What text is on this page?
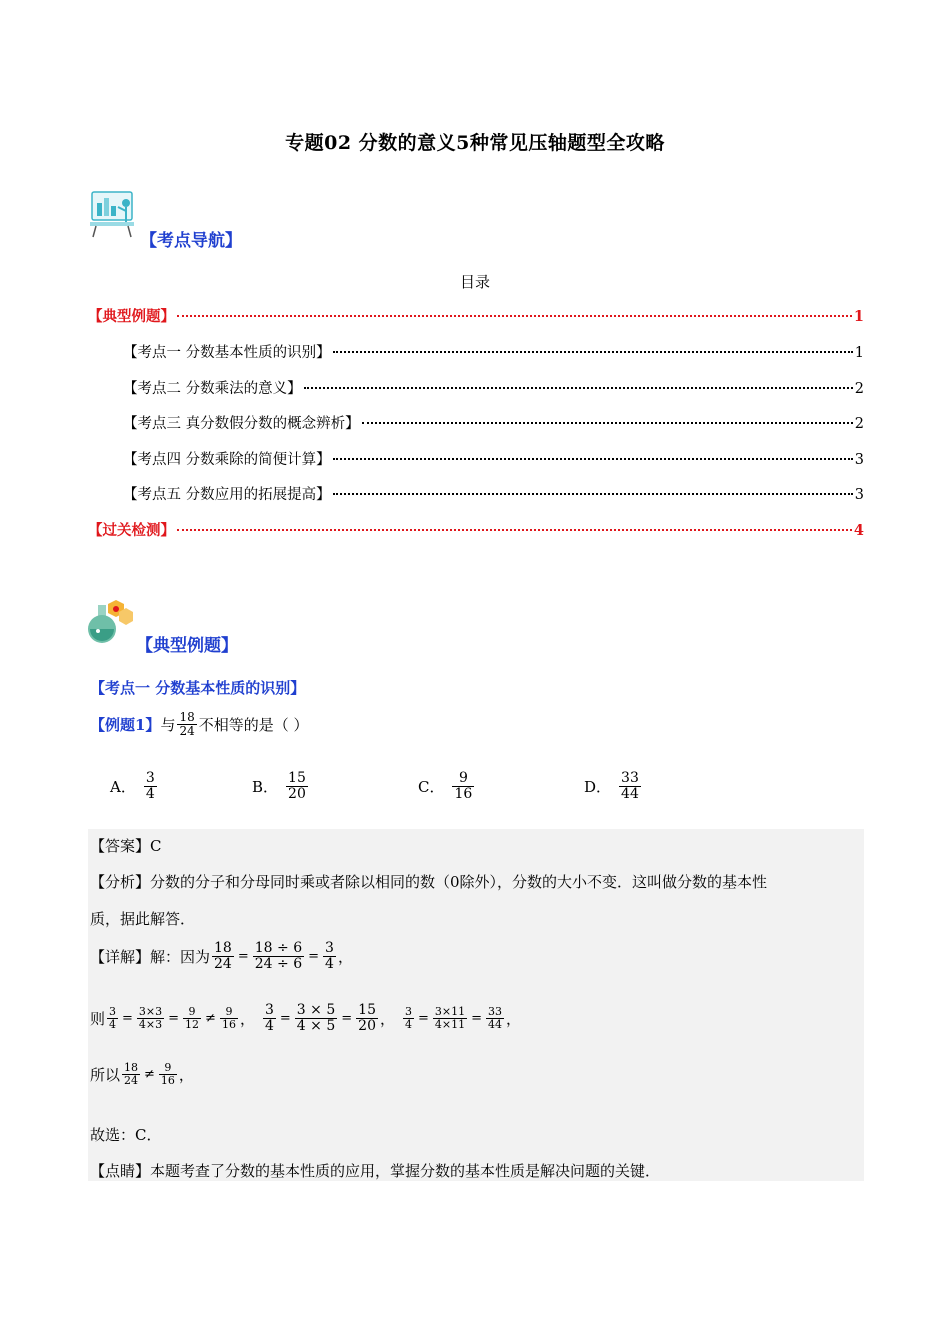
专题02 分数的意义5种常见压轴题型全攻略
【考点导航】
目录
【典型例题】	1
【考点一 分数基本性质的识别】	1
【考点二 分数乘法的意义】	2
【考点三 真分数假分数的概念辨析】	2
【考点四 分数乘除的简便计算】	3
【考点五 分数应用的拓展提高】	3
【过关检测】	4
【典型例题】
【考点一 分数基本性质的识别】
【例题1】 与 $\frac{18}{24}$ 不相等的是（ ）
A． $\frac{3}{4}$	B． $\frac{15}{20}$	C． $\frac{9}{16}$	D． $\frac{33}{44}$
【答案】C
【分析】分数的分子和分母同时乘或者除以相同的数（0除外），分数的大小不变．这叫做分数的基本性
质，据此解答．
【详解】解：因为 $\frac{18}{24} = \frac{18 \div 6}{24 \div 6} = \frac{3}{4}$ ，
则 $\frac{3}{4} = \frac{3\times 3}{4\times 3} = \frac{9}{12} \ne \frac{9}{16}$ ， $\frac{3}{4} = \frac{3 \times 5}{4 \times 5} = \frac{15}{20}$ ， $\frac{3}{4} = \frac{3\times 11}{4\times 11} = \frac{33}{44}$ ，
所以 $\frac{18}{24} \ne \frac{9}{16}$ ，
故选：C．
【点睛】本题考查了分数的基本性质的应用，掌握分数的基本性质是解决问题的关键．
